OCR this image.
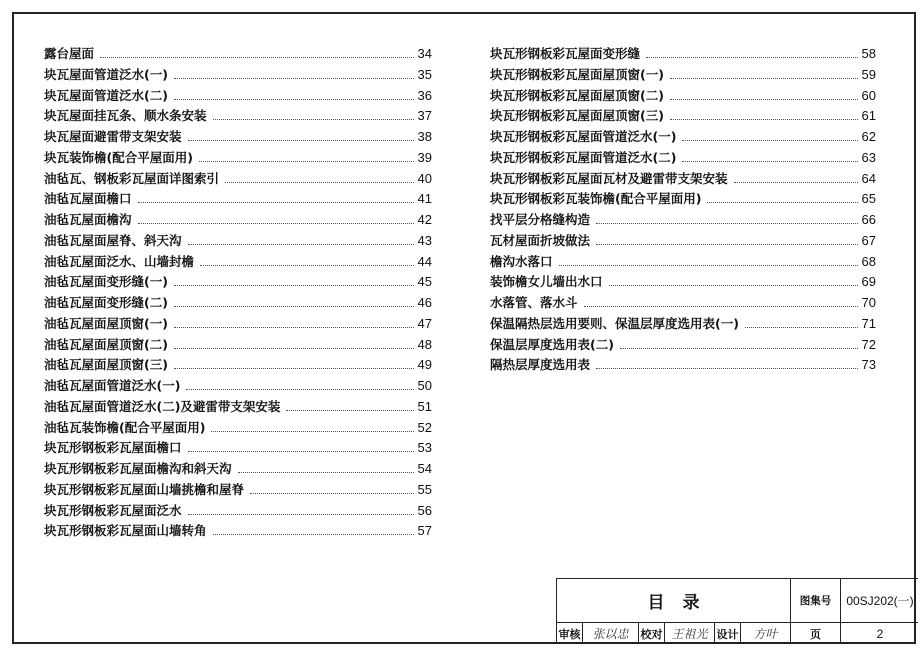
露台屋面	34
块瓦屋面管道泛水(一)	35
块瓦屋面管道泛水(二)	36
块瓦屋面挂瓦条、顺水条安装	37
块瓦屋面避雷带支架安装	38
块瓦装饰檐(配合平屋面用)	39
油毡瓦、钢板彩瓦屋面详图索引	40
油毡瓦屋面檐口	41
油毡瓦屋面檐沟	42
油毡瓦屋面屋脊、斜天沟	43
油毡瓦屋面泛水、山墙封檐	44
油毡瓦屋面变形缝(一)	45
油毡瓦屋面变形缝(二)	46
油毡瓦屋面屋顶窗(一)	47
油毡瓦屋面屋顶窗(二)	48
油毡瓦屋面屋顶窗(三)	49
油毡瓦屋面管道泛水(一)	50
油毡瓦屋面管道泛水(二)及避雷带支架安装	51
油毡瓦装饰檐(配合平屋面用)	52
块瓦形钢板彩瓦屋面檐口	53
块瓦形钢板彩瓦屋面檐沟和斜天沟	54
块瓦形钢板彩瓦屋面山墙挑檐和屋脊	55
块瓦形钢板彩瓦屋面泛水	56
块瓦形钢板彩瓦屋面山墙转角	57
块瓦形钢板彩瓦屋面变形缝	58
块瓦形钢板彩瓦屋面屋顶窗(一)	59
块瓦形钢板彩瓦屋面屋顶窗(二)	60
块瓦形钢板彩瓦屋面屋顶窗(三)	61
块瓦形钢板彩瓦屋面管道泛水(一)	62
块瓦形钢板彩瓦屋面管道泛水(二)	63
块瓦形钢板彩瓦屋面瓦材及避雷带支架安装	64
块瓦形钢板彩瓦装饰檐(配合平屋面用)	65
找平层分格缝构造	66
瓦材屋面折坡做法	67
檐沟水落口	68
装饰檐女儿墙出水口	69
水落管、落水斗	70
保温隔热层选用要则、保温层厚度选用表(一)	71
保温层厚度选用表(二)	72
隔热层厚度选用表	73
目录	图集号 00SJ202(一)
审核 张以忠 校对 王祖光 设计 方叶	页	2
